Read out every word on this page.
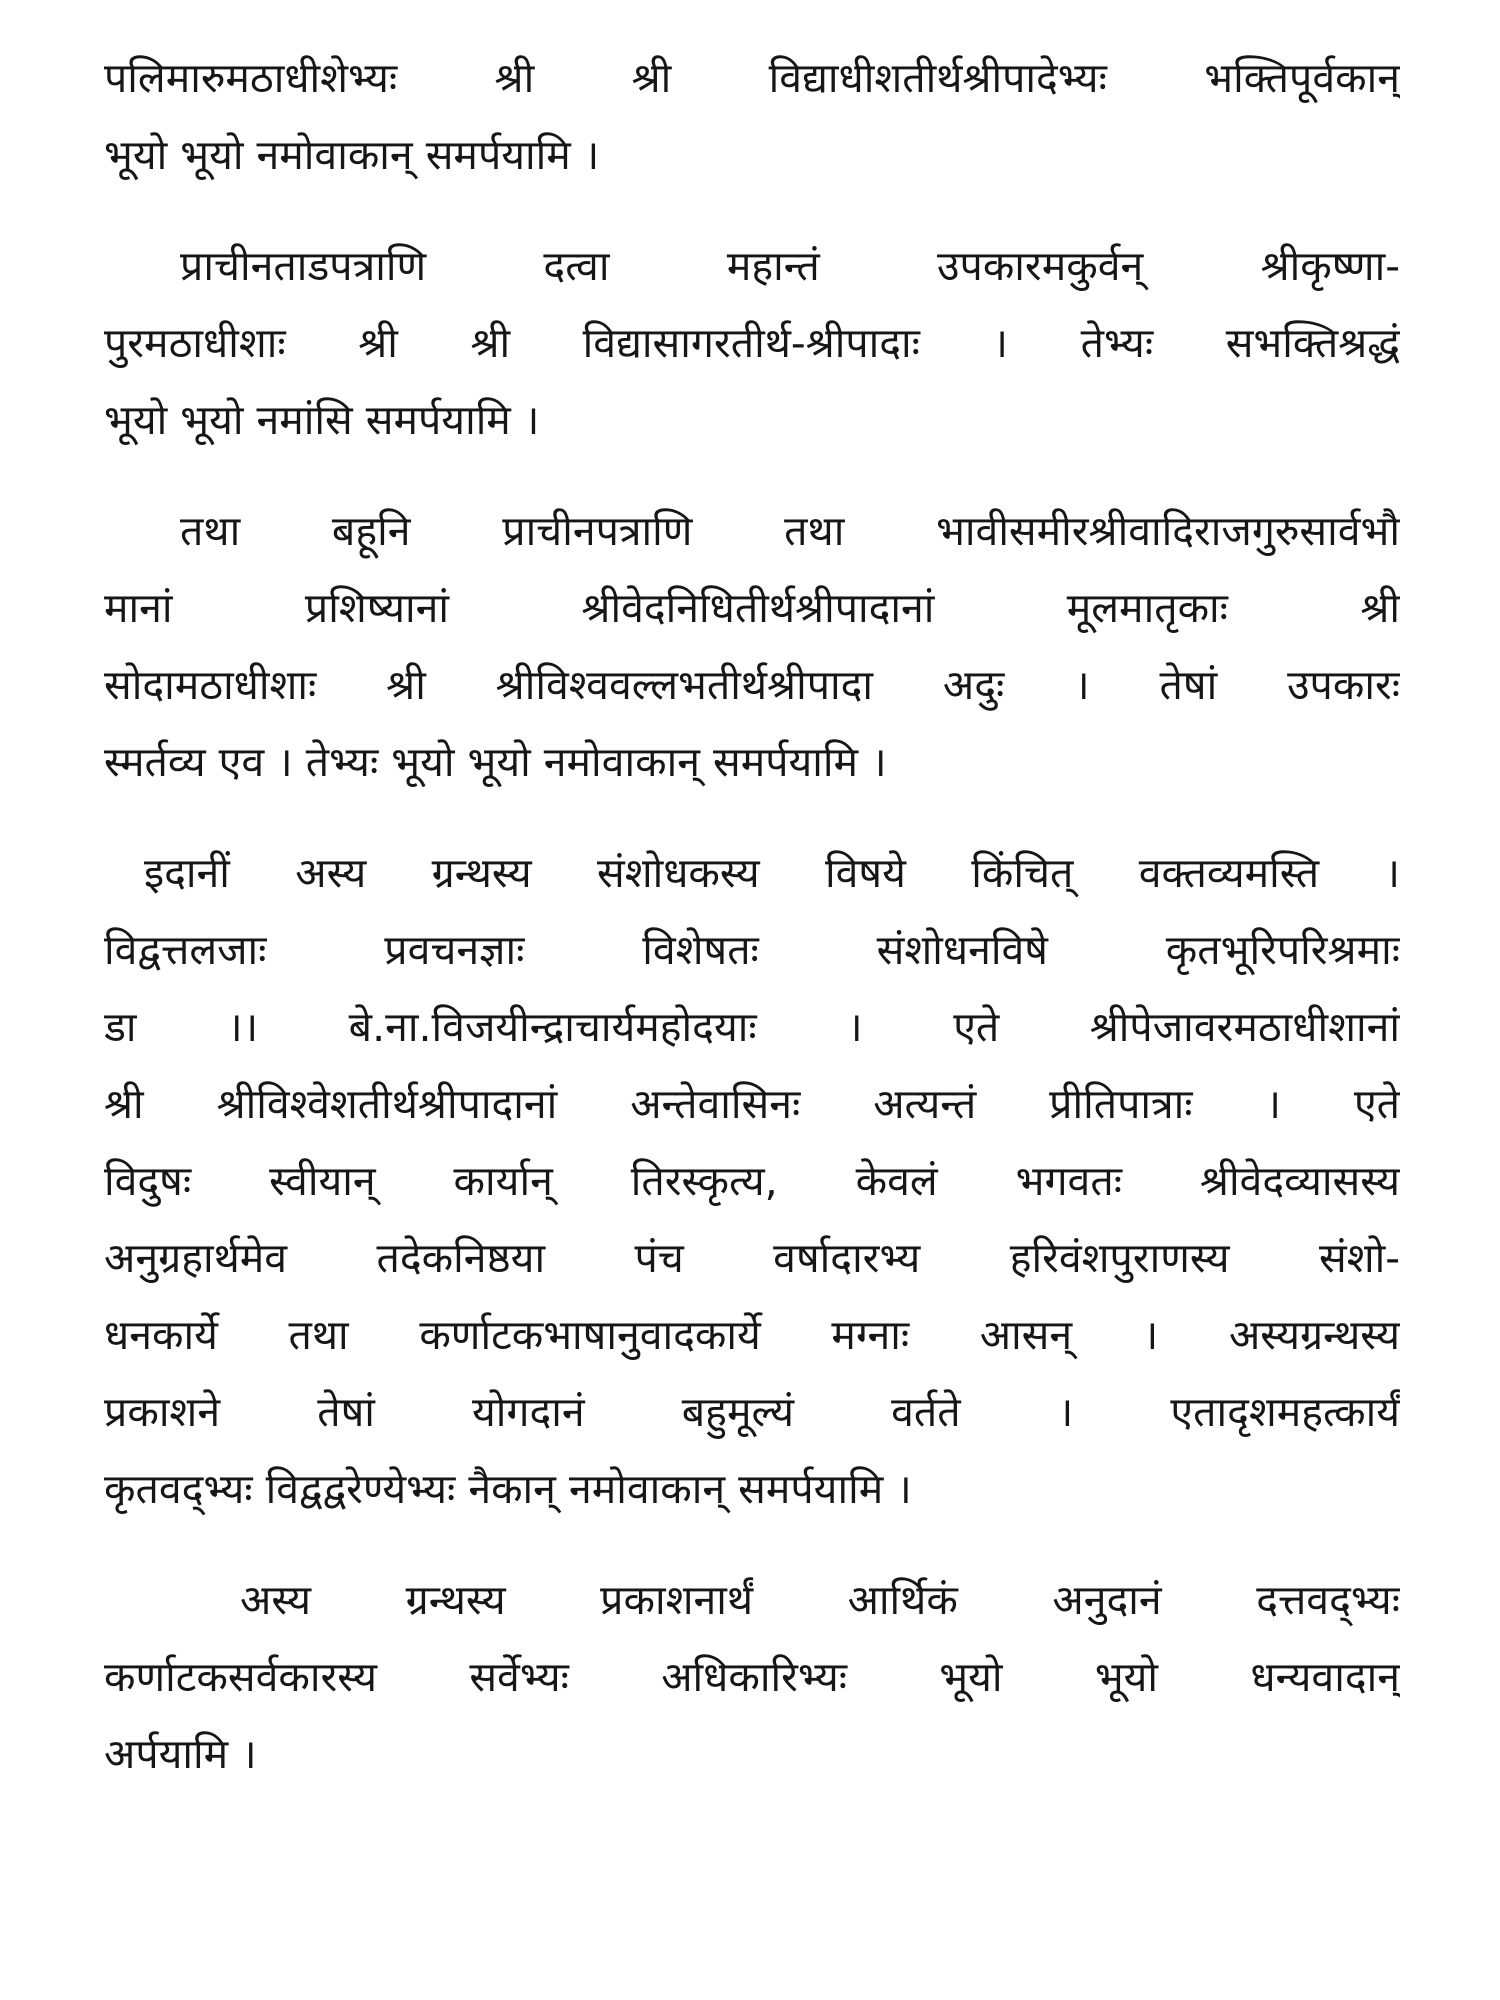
पलिमारुमठाधीशेभ्यः श्री श्री विद्याधीशतीर्थश्रीपादेभ्यः भक्तिपूर्वकान्
भूयो भूयो नमोवाकान् समर्पयामि ।
प्राचीनताडपत्राणि दत्वा महान्तं उपकारमकुर्वन् श्रीकृष्णा-
पुरमठाधीशाः श्री श्री विद्यासागरतीर्थ-श्रीपादाः । तेभ्यः सभक्तिश्रद्धं
भूयो भूयो नमांसि समर्पयामि ।
तथा बहूनि प्राचीनपत्राणि तथा भावीसमीरश्रीवादिराजगुरुसार्वभौ
मानां प्रशिष्यानां श्रीवेदनिधितीर्थश्रीपादानां मूलमातृकाः श्री
सोदामठाधीशाः श्री श्रीविश्ववल्लभतीर्थश्रीपादा अदुः । तेषां उपकारः
स्मर्तव्य एव । तेभ्यः भूयो भूयो नमोवाकान् समर्पयामि ।
इदानीं अस्य ग्रन्थस्य संशोधकस्य विषये किंचित् वक्तव्यमस्ति ।
विद्वत्तलजाः प्रवचनज्ञाः विशेषतः संशोधनविषे कृतभूरिपरिश्रमाः
डा ।। बे.ना.विजयीन्द्राचार्यमहोदयाः । एते श्रीपेजावरमठाधीशानां
श्री श्रीविश्वेशतीर्थश्रीपादानां अन्तेवासिनः अत्यन्तं प्रीतिपात्राः । एते
विदुषः स्वीयान् कार्यान् तिरस्कृत्य, केवलं भगवतः श्रीवेदव्यासस्य
अनुग्रहार्थमेव तदेकनिष्ठया पंच वर्षादारभ्य हरिवंशपुराणस्य संशो-
धनकार्ये तथा कर्णाटकभाषानुवादकार्ये मग्नाः आसन् । अस्यग्रन्थस्य
प्रकाशने तेषां योगदानं बहुमूल्यं वर्तते । एतादृशमहत्कार्यं
कृतवद्भ्यः विद्वद्वरेण्येभ्यः नैकान् नमोवाकान् समर्पयामि ।
अस्य ग्रन्थस्य प्रकाशनार्थं आर्थिकं अनुदानं दत्तवद्भ्यः
कर्णाटकसर्वकारस्य सर्वेभ्यः अधिकारिभ्यः भूयो भूयो धन्यवादान्
अर्पयामि ।
